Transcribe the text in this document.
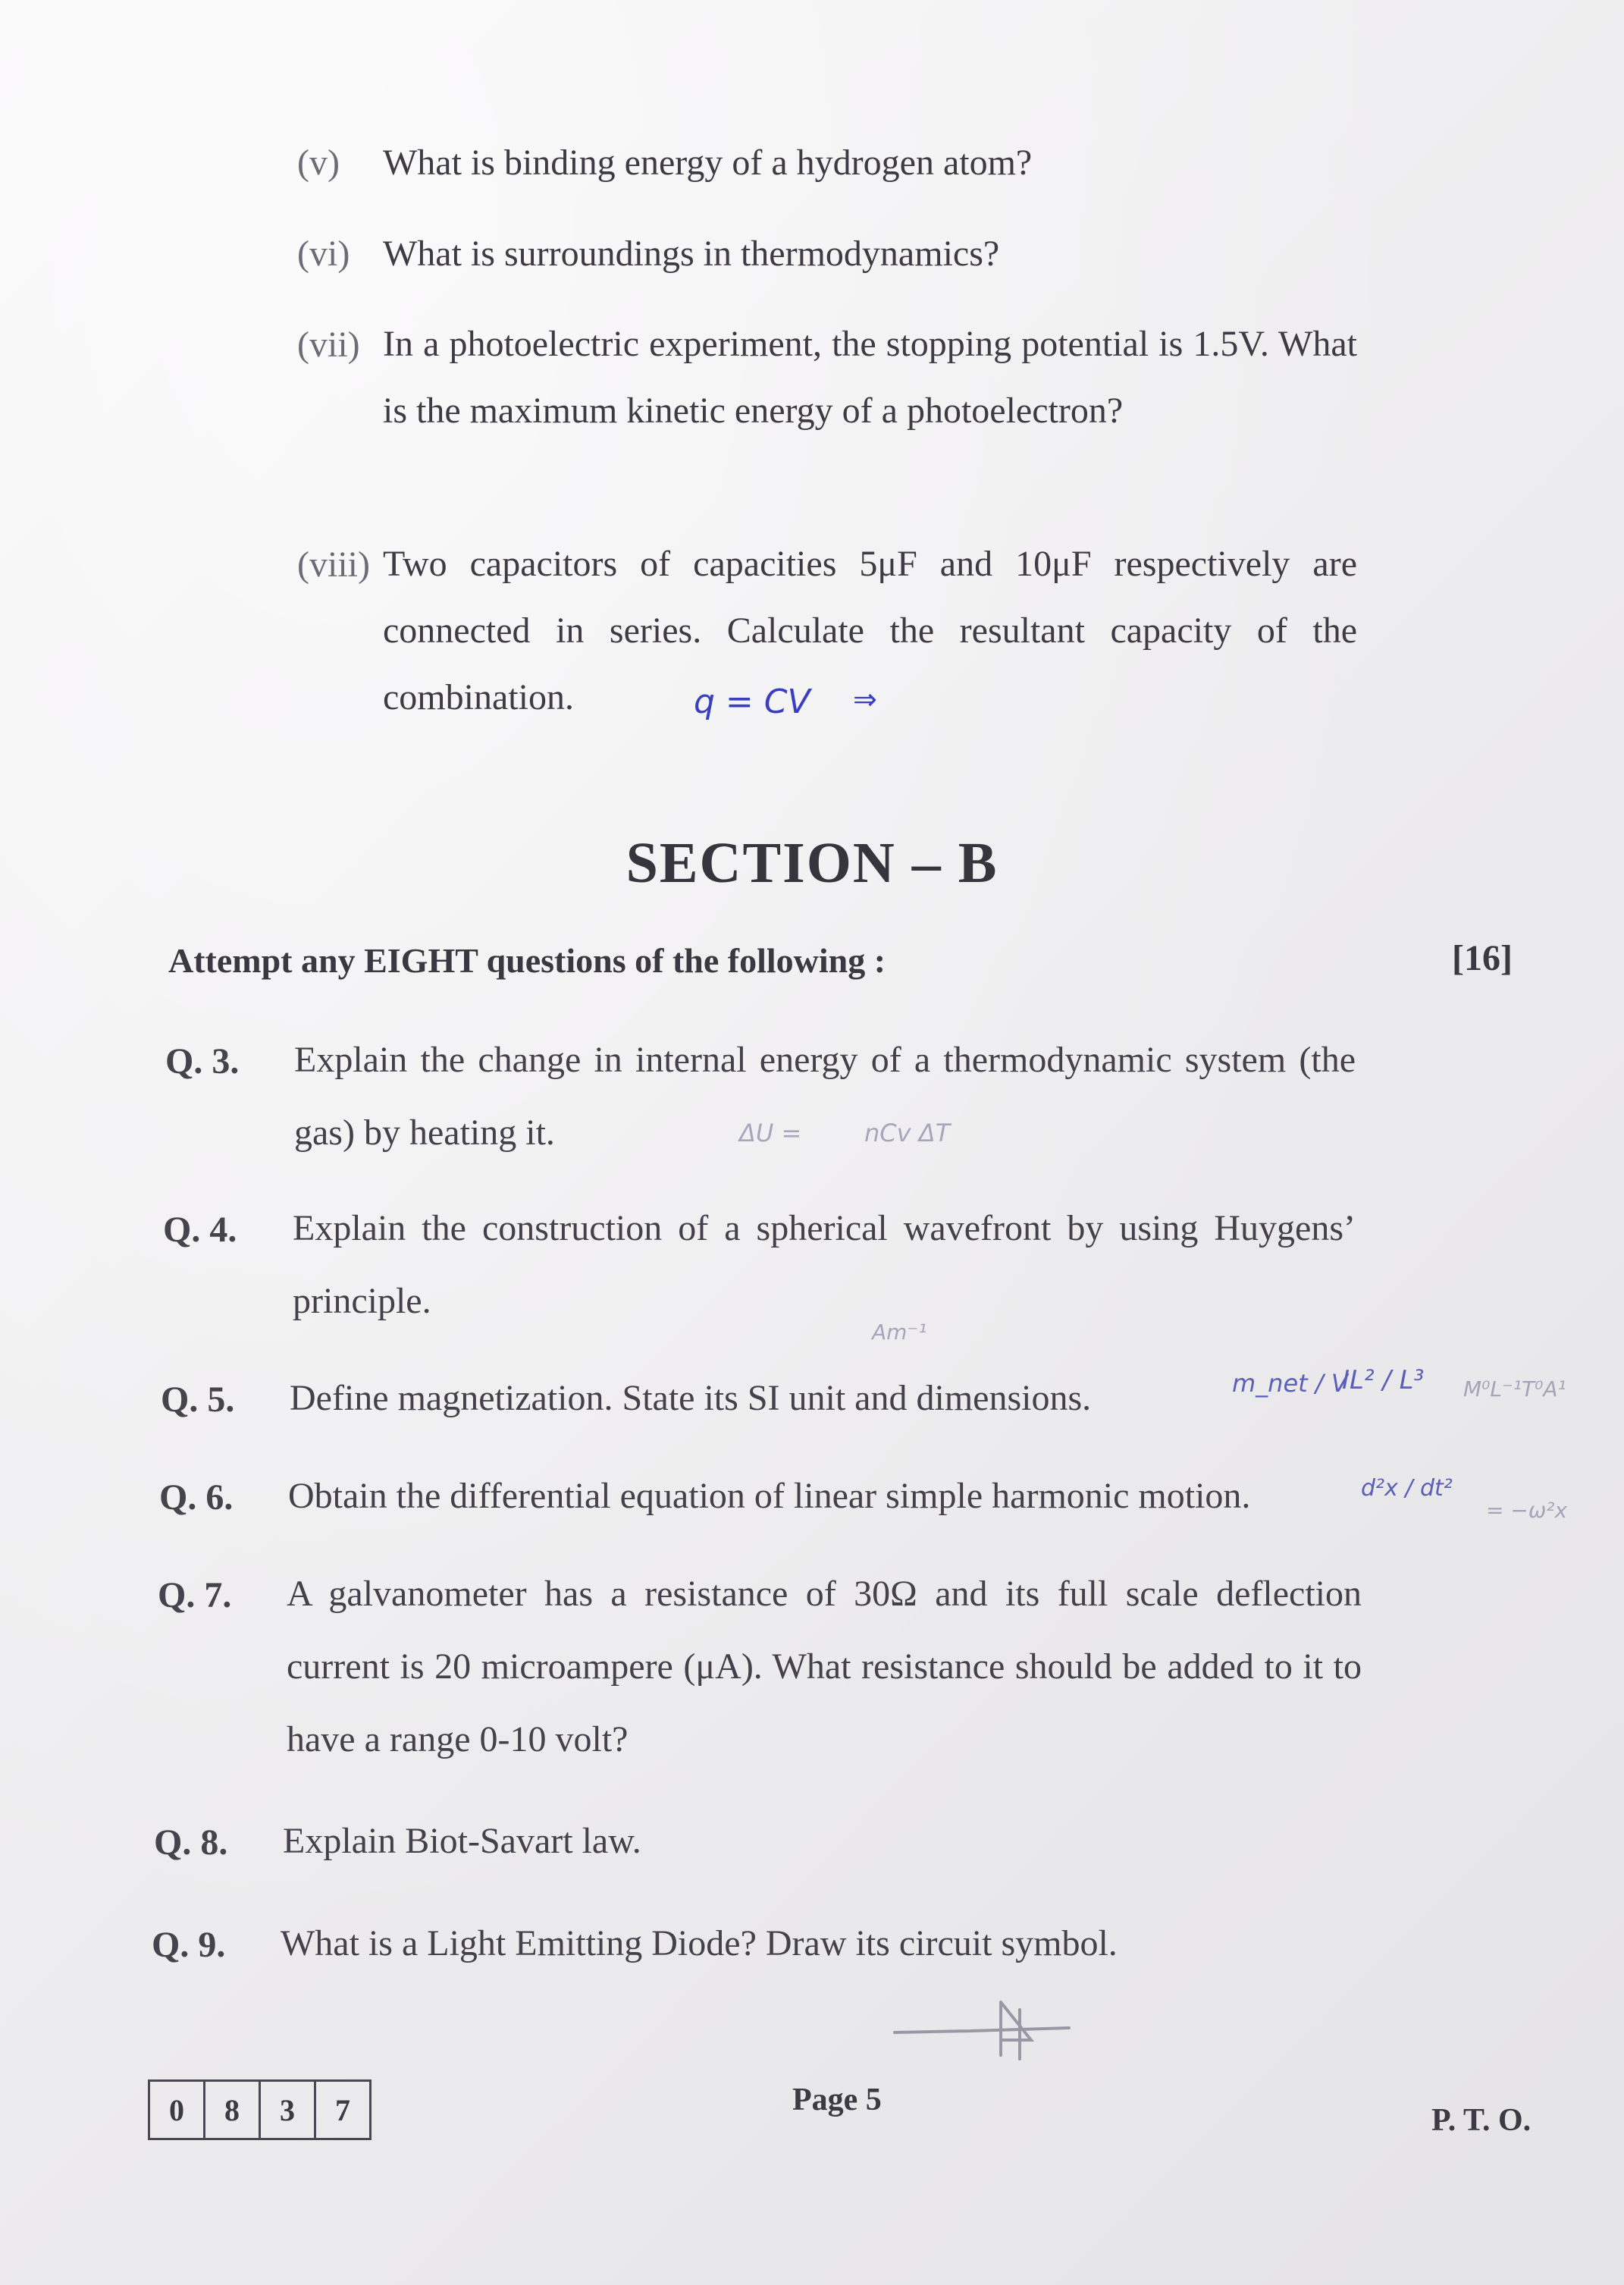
(v) What is binding energy of a hydrogen atom?
(vi) What is surroundings in thermodynamics?
(vii) In a photoelectric experiment, the stopping potential is 1.5V. What is the maximum kinetic energy of a photoelectron?
(viii) Two capacitors of capacities 5μF and 10μF respectively are connected in series. Calculate the resultant capacity of the combination.	q = CV ⇒
SECTION – B
Attempt any EIGHT questions of the following :	[16]
Q. 3. Explain the change in internal energy of a thermodynamic system (the gas) by heating it.	ΔU =	nCv ΔT
Q. 4. Explain the construction of a spherical wavefront by using Huygens’ principle.
Am⁻¹
Q. 5. Define magnetization. State its SI unit and dimensions.	m_net / V
IL² / L³ M⁰L⁻¹T⁰A¹
Q. 6. Obtain the differential equation of linear simple harmonic motion.	d²x / dt²
= −ω²x
Q. 7. A galvanometer has a resistance of 30Ω and its full scale deflection current is 20 microampere (μA). What resistance should be added to it to have a range 0-10 volt?
Q. 8. Explain Biot-Savart law.
Q. 9. What is a Light Emitting Diode? Draw its circuit symbol.
0	8	3	7	Page 5
P. T. O.
